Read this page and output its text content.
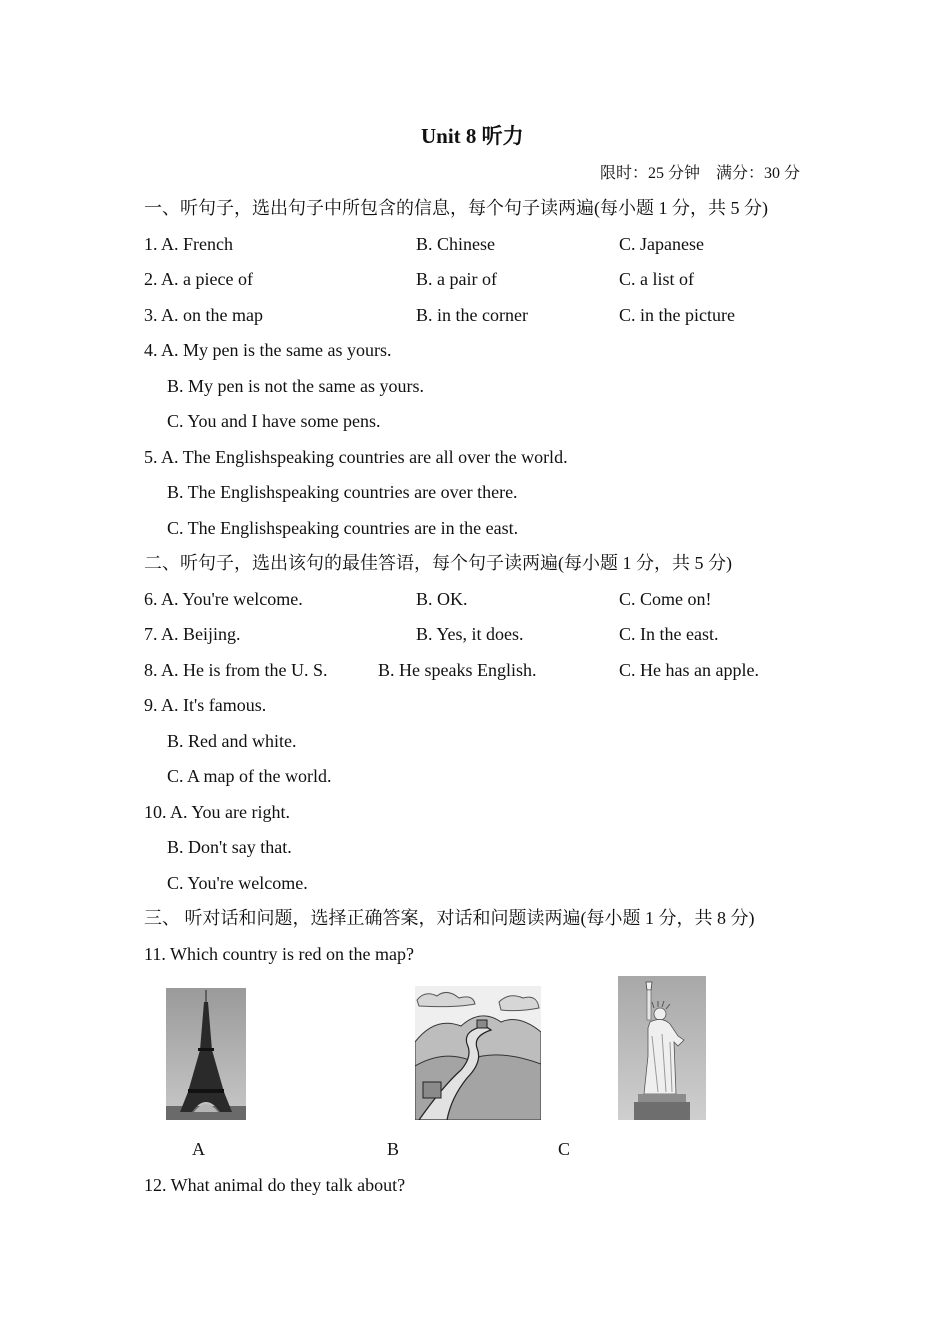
Unit 8 听力
限时：25 分钟　满分：30 分
一、听句子，选出句子中所包含的信息，每个句子读两遍(每小题 1 分，共 5 分)
1. A. French	B. Chinese	C. Japanese
2. A. a piece of	B. a pair of	C. a list of
3. A. on the map	B. in the corner	C. in the picture
4. A. My pen is the same as yours.
B. My pen is not the same as yours.
C. You and I have some pens.
5. A. The Englishspeaking countries are all over the world.
B. The Englishspeaking countries are over there.
C. The Englishspeaking countries are in the east.
二、听句子，选出该句的最佳答语，每个句子读两遍(每小题 1 分，共 5 分)
6. A. You're welcome.	B. OK.	C. Come on!
7. A. Beijing.	B. Yes, it does.	C. In the east.
8. A. He is from the U. S.	B. He speaks English.	C. He has an apple.
9. A. It's famous.
B. Red and white.
C. A map of the world.
10. A. You are right.
B. Don't say that.
C. You're welcome.
三、 听对话和问题，选择正确答案，对话和问题读两遍(每小题 1 分，共 8 分)
11. Which country is red on the map?
A	B	C
12. What animal do they talk about?
